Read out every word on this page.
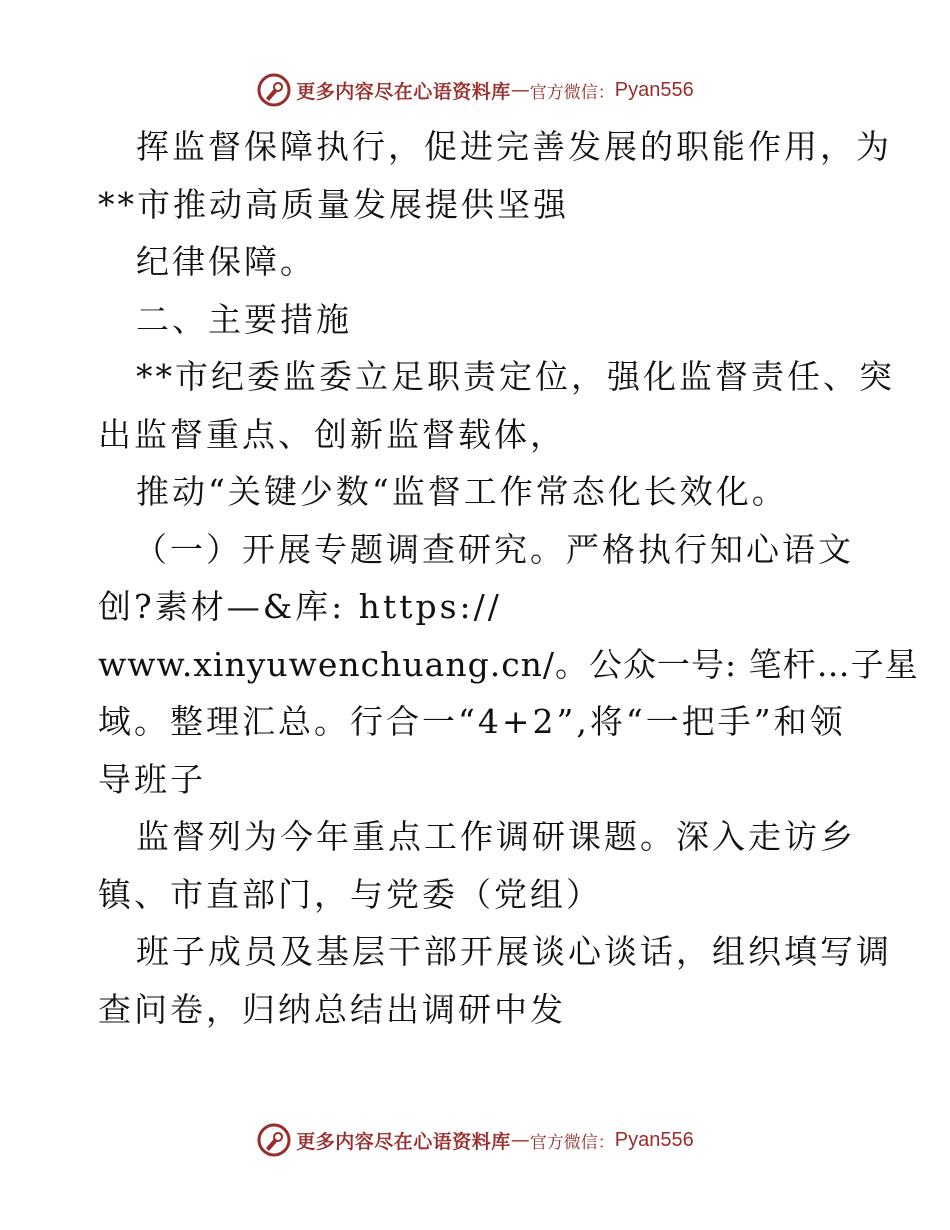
更多内容尽在心语资料库 — 官方微信： Pyan556
挥监督保障执行，促进完善发展的职能作用，为
**市推动高质量发展提供坚强
纪律保障。
二、主要措施
**市纪委监委立足职责定位，强化监督责任、突
出监督重点、创新监督载体，
推动“关键少数“监督工作常态化长效化。
（一）开展专题调查研究。严格执行知心语文
创?素材—&库: https://
www.xinyuwenchuang.cn/。公众一号: 笔杆…子星
域。整理汇总。行合一“4+2”,将“一把手”和领
导班子
监督列为今年重点工作调研课题。深入走访乡
镇、市直部门，与党委（党组）
班子成员及基层干部开展谈心谈话，组织填写调
查问卷，归纳总结出调研中发
更多内容尽在心语资料库 — 官方微信： Pyan556
